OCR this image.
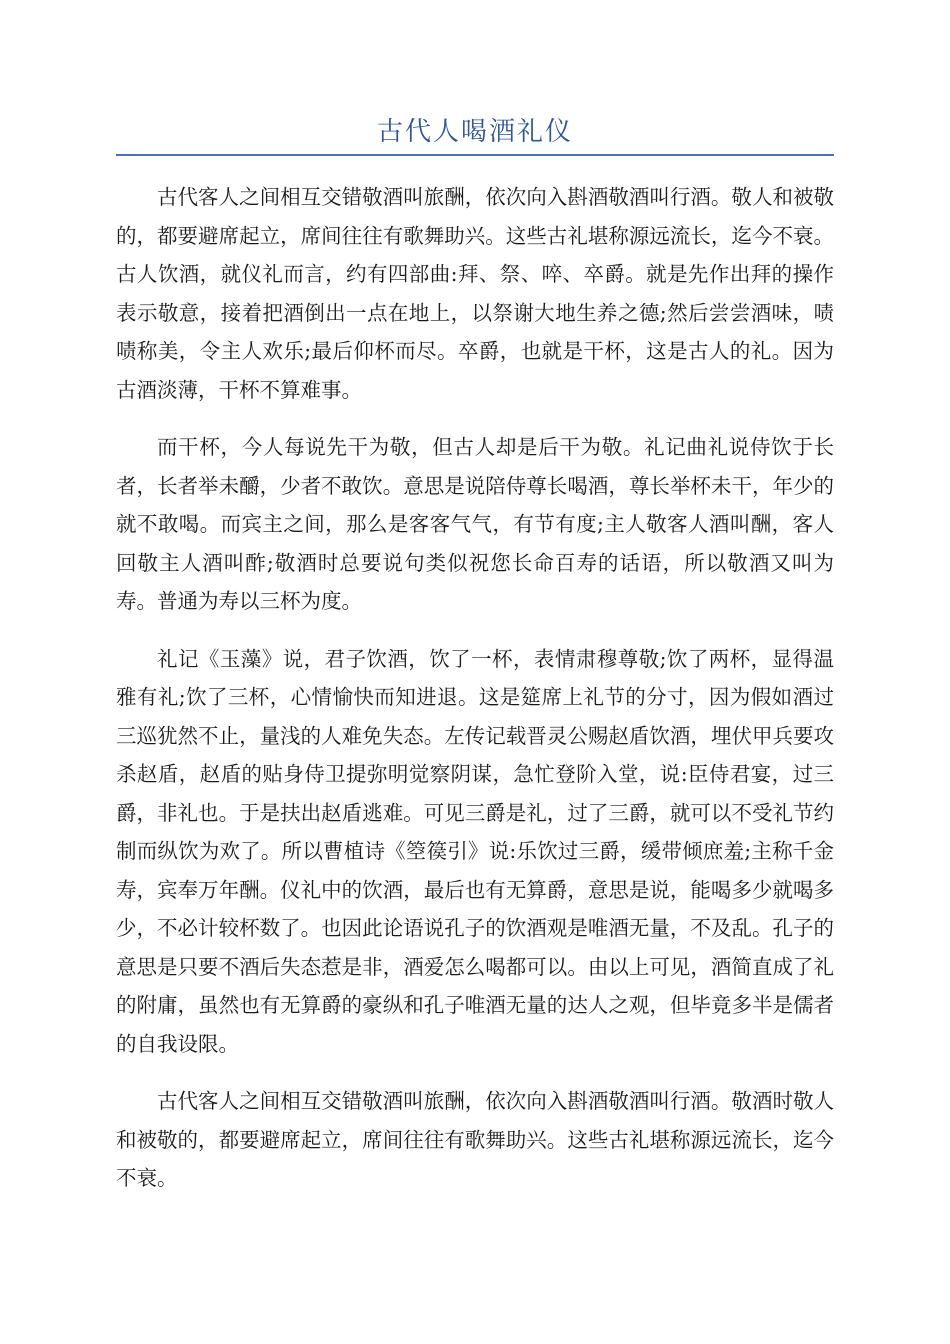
古代人喝酒礼仪

古代客人之间相互交错敬酒叫旅酬，依次向入斟酒敬酒叫行酒。敬人和被敬的，都要避席起立，席间往往有歌舞助兴。这些古礼堪称源远流长，迄今不衰。古人饮酒，就仪礼而言，约有四部曲:拜、祭、啐、卒爵。就是先作出拜的操作表示敬意，接着把酒倒出一点在地上，以祭谢大地生养之德;然后尝尝酒味，啧啧称美，令主人欢乐;最后仰杯而尽。卒爵，也就是干杯，这是古人的礼。因为古酒淡薄，干杯不算难事。

而干杯，今人每说先干为敬，但古人却是后干为敬。礼记曲礼说侍饮于长者，长者举未釂，少者不敢饮。意思是说陪侍尊长喝酒，尊长举杯未干，年少的就不敢喝。而宾主之间，那么是客客气气，有节有度;主人敬客人酒叫酬，客人回敬主人酒叫酢;敬酒时总要说句类似祝您长命百寿的话语，所以敬酒又叫为寿。普通为寿以三杯为度。

礼记《玉藻》说，君子饮酒，饮了一杯，表情肃穆尊敬;饮了两杯，显得温雅有礼;饮了三杯，心情愉快而知进退。这是筵席上礼节的分寸，因为假如酒过三巡犹然不止，量浅的人难免失态。左传记载晋灵公赐赵盾饮酒，埋伏甲兵要攻杀赵盾，赵盾的贴身侍卫提弥明觉察阴谋，急忙登阶入堂，说:臣侍君宴，过三爵，非礼也。于是扶出赵盾逃难。可见三爵是礼，过了三爵，就可以不受礼节约制而纵饮为欢了。所以曹植诗《箜篌引》说:乐饮过三爵，缓带倾庶羞;主称千金寿，宾奉万年酬。仪礼中的饮酒，最后也有无算爵，意思是说，能喝多少就喝多少，不必计较杯数了。也因此论语说孔子的饮酒观是唯酒无量，不及乱。孔子的意思是只要不酒后失态惹是非，酒爱怎么喝都可以。由以上可见，酒简直成了礼的附庸，虽然也有无算爵的豪纵和孔子唯酒无量的达人之观，但毕竟多半是儒者的自我设限。

古代客人之间相互交错敬酒叫旅酬，依次向入斟酒敬酒叫行酒。敬酒时敬人和被敬的，都要避席起立，席间往往有歌舞助兴。这些古礼堪称源远流长，迄今不衰。
